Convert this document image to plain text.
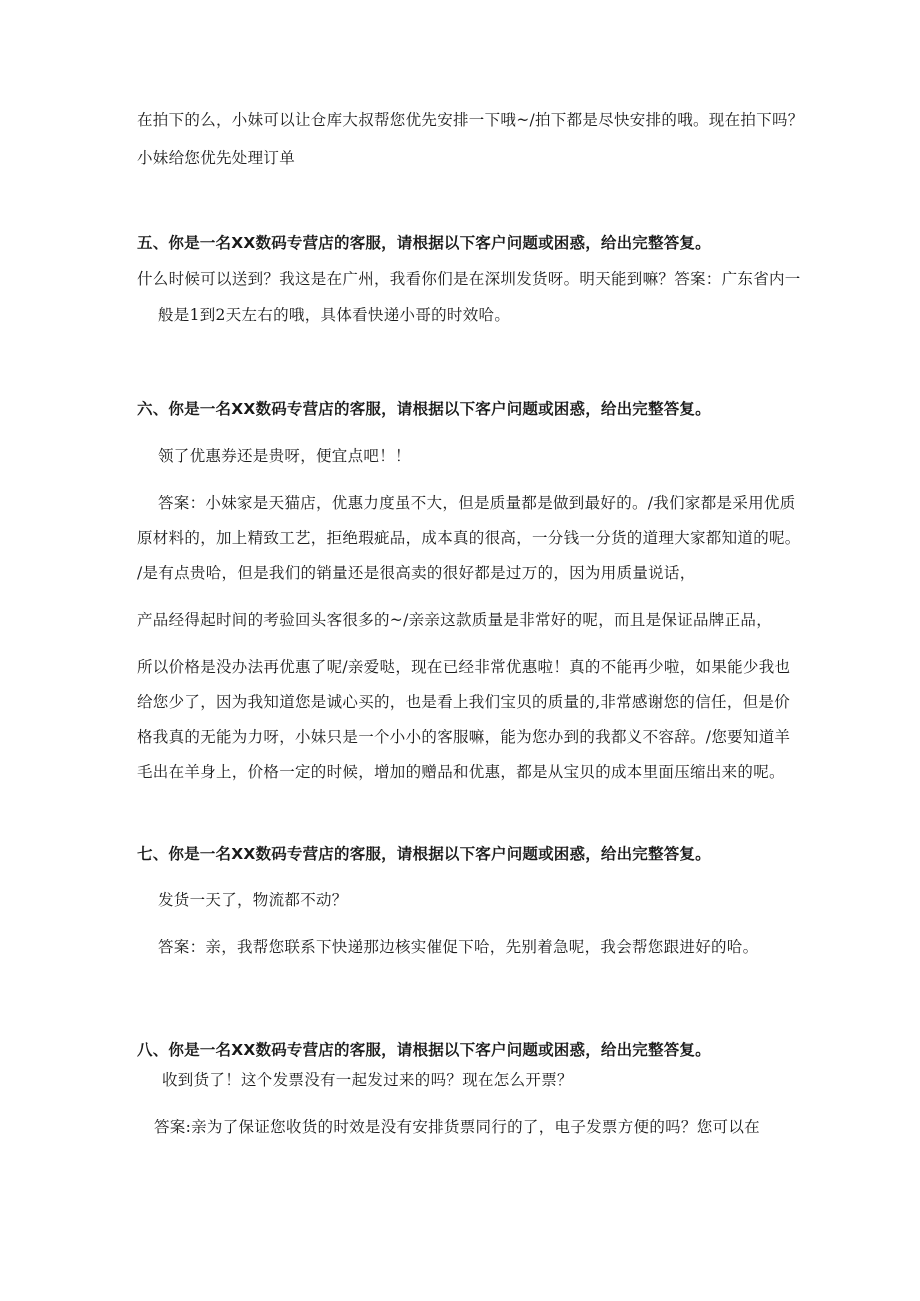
在拍下的么，小妹可以让仓库大叔帮您优先安排一下哦~/拍下都是尽快安排的哦。现在拍下吗？
小妹给您优先处理订单
五、你是一名XX数码专营店的客服，请根据以下客户问题或困惑，给出完整答复。
什么时候可以送到？我这是在广州，我看你们是在深圳发货呀。明天能到嘛？答案：广东省内一
般是1到2天左右的哦，具体看快递小哥的时效哈。
六、你是一名XX数码专营店的客服，请根据以下客户问题或困惑，给出完整答复。
领了优惠券还是贵呀，便宜点吧！！
答案：小妹家是天猫店，优惠力度虽不大，但是质量都是做到最好的。/我们家都是采用优质
原材料的，加上精致工艺，拒绝瑕疵品，成本真的很高，一分钱一分货的道理大家都知道的呢。
/是有点贵哈，但是我们的销量还是很高卖的很好都是过万的，因为用质量说话，
产品经得起时间的考验回头客很多的~/亲亲这款质量是非常好的呢，而且是保证品牌正品，
所以价格是没办法再优惠了呢/亲爱哒，现在已经非常优惠啦！真的不能再少啦，如果能少我也
给您少了，因为我知道您是诚心买的，也是看上我们宝贝的质量的,非常感谢您的信任，但是价
格我真的无能为力呀，小妹只是一个小小的客服嘛，能为您办到的我都义不容辞。/您要知道羊
毛出在羊身上，价格一定的时候，增加的赠品和优惠，都是从宝贝的成本里面压缩出来的呢。
七、你是一名XX数码专营店的客服，请根据以下客户问题或困惑，给出完整答复。
发货一天了，物流都不动？
答案：亲，我帮您联系下快递那边核实催促下哈，先别着急呢，我会帮您跟进好的哈。
八、你是一名XX数码专营店的客服，请根据以下客户问题或困惑，给出完整答复。
收到货了！这个发票没有一起发过来的吗？现在怎么开票？
答案:亲为了保证您收货的时效是没有安排货票同行的了，电子发票方便的吗？您可以在
